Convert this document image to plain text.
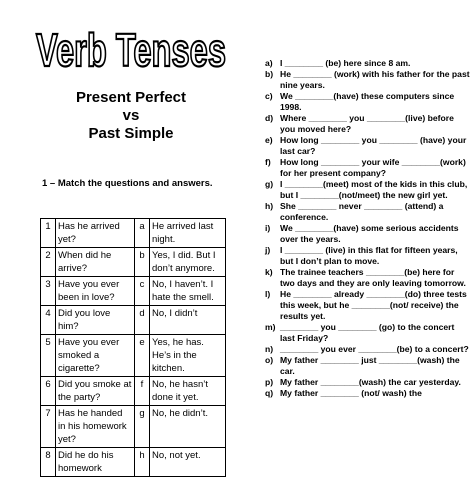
Verb Tenses
Present Perfect
vs
Past Simple
1 – Match the questions and answers.
1	Has he arrived yet?	a	He arrived last night.
2	When did he arrive?	b	Yes, I did. But I don’t anymore.
3	Have you ever been in love?	c	No, I haven’t. I hate the smell.
4	Did you love him?	d	No, I didn’t
5	Have you ever smoked a cigarette?	e	Yes, he has. He’s in the kitchen.
6	Did you smoke at the party?	f	No, he hasn’t done it yet.
7	Has he handed in his homework yet?	g	No, he didn’t.
8	Did he do his homework	h	No, not yet.
a) I ________ (be) here since 8 am.
b) He ________ (work) with his father for the past nine years.
c) We ________(have) these computers since 1998.
d) Where ________ you ________(live) before you moved here?
e) How long ________ you ________ (have) your last car?
f)	How long ________ your wife ________(work) for her present company?
g) I ________(meet) most of the kids in this club, but I ________(not/meet) the new girl yet.
h) She ________ never ________ (attend) a conference.
i)	We ________(have) some serious accidents over the years.
j)	I ________ (live) in this flat for fifteen years, but I don’t plan to move.
k) The trainee teachers ________(be) here for two days and they are only leaving tomorrow.
l)	He ________ already ________(do) three tests this week, but he ________(not/ receive) the results yet.
m) ________ you ________ (go) to the concert last Friday?
n) ________ you ever ________(be) to a concert?
o) My father ________ just ________(wash) the car.
p) My father ________(wash) the car yesterday.
q) My father ________ (not/ wash) the
